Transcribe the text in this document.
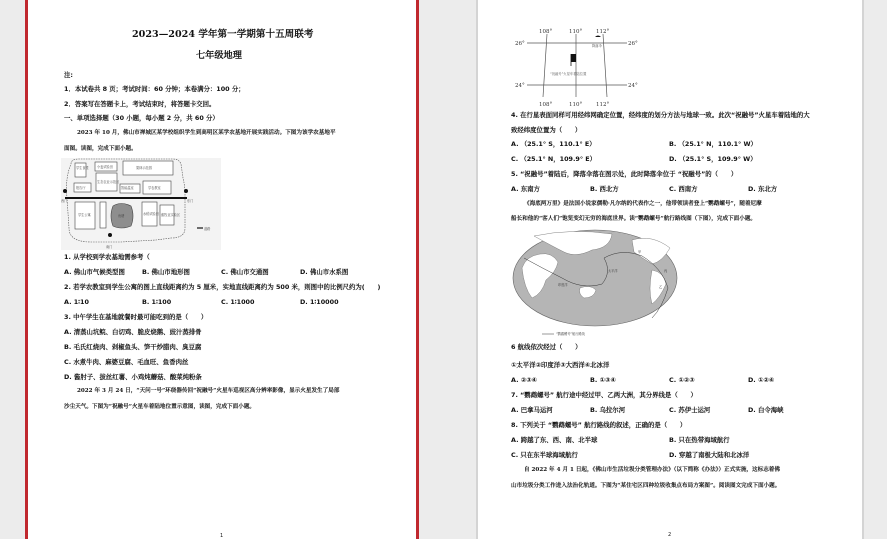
2023—2024 学年第一学期第十五周联考
七年级地理
注:
1．本试卷共 8 页；考试时间：60 分钟；本卷满分：100 分；
2．答案写在答题卡上，考试结束时，将答题卡交回。
一、单项选择题（30 小题，每小题 2 分，共 60 分）
2023 年 10 月，佛山市禅城区某学校组织学生到高明区某学农基地开展实践活动。下图为该学农基地平
面图。读图，完成下面小题。
学生食堂	小麦试验田	果林示范园
生态农业示范区
报告厅	智能温室	学农教室
西门	东门
学生公寓	鱼塘	水稻试验田 畜牧业实验区
南门
道路
1. 从学校到学农基地需参考（
A. 佛山市气候类型图	B. 佛山市地形图	C. 佛山市交通图	D. 佛山市水系图
2. 若学农教室到学生公寓的图上直线距离约为 5 厘米，实地直线距离约为 500 米，则图中的比例尺约为(　　)
A. 1∶10	B. 1∶100	C. 1∶1000	D. 1∶10000
3. 中午学生在基地就餐时最可能吃到的是（　　）
A. 清蒸山坑鲩、白切鸡、脆皮烧鹅、豉汁蒸排骨
B. 毛氏红烧肉、剁椒鱼头、笋干炒腊肉、臭豆腐
C. 水煮牛肉、麻婆豆腐、毛血旺、鱼香肉丝
D. 酱肘子、拔丝红薯、小鸡炖蘑菇、酸菜炖粉条
2022 年 3 月 24 日，“天问一号”环绕器传回“祝融号”火星车巡视区高分辨率影像，显示火星发生了局部
沙尘天气。下图为“祝融号”火星车着陆地位置示意图，读图，完成下面小题。
1
108°	110°	112°
108°	110°	112°
26°
24°
26°
24°
降落伞
“祝融号”火星车着陆位置
4. 在行星表面同样可用经纬网确定位置，经纬度的划分方法与地球一致。此次“祝融号”火星车着陆地的大
致经纬度位置为（　　）
A. （25.1° S，110.1° E）	B. （25.1° N，110.1° W）
C. （25.1° N，109.9° E）	D. （25.1° S，109.9° W）
5. “祝融号”着陆后，降落伞落在图示处，此时降落伞位于 “祝融号”的（　　）
A. 东南方	B. 西北方	C. 西南方	D. 东北方
《海底两万里》是法国小说家儒勒·凡尔纳的代表作之一，他带领读者登上“鹦鹉螺号”，随着尼摩
船长和他的“客人们”饱览变幻无穷的海底世界。读“鹦鹉螺号”航行路线图（下图），完成下面小题。
太平洋
印度洋
甲
丙
乙
“鹦鹉螺号”航行路线
6 航线依次经过（　　）
①太平洋②印度洋③大西洋④北冰洋
A. ②③④	B. ①③④	C. ①②③	D. ①②④
7. “鹦鹉螺号” 航行途中经过甲、乙两大洲，其分界线是（　　）
A. 巴拿马运河	B. 乌拉尔河	C. 苏伊士运河	D. 白令海峡
8. 下列关于 “鹦鹉螺号” 航行路线的叙述，正确的是（　　）
A. 跨越了东、西、南、北半球	B. 只在热带海域航行
C. 只在东半球海域航行	D. 穿越了南极大陆和北冰洋
自 2022 年 4 月 1 日起，《佛山市生活垃圾分类管理办法》（以下简称《办法》）正式实施，这标志着佛
山市垃圾分类工作进入法治化轨道。下图为“某住宅区四种垃圾收集点布局方案图”。阅读图文完成下面小题。
2
